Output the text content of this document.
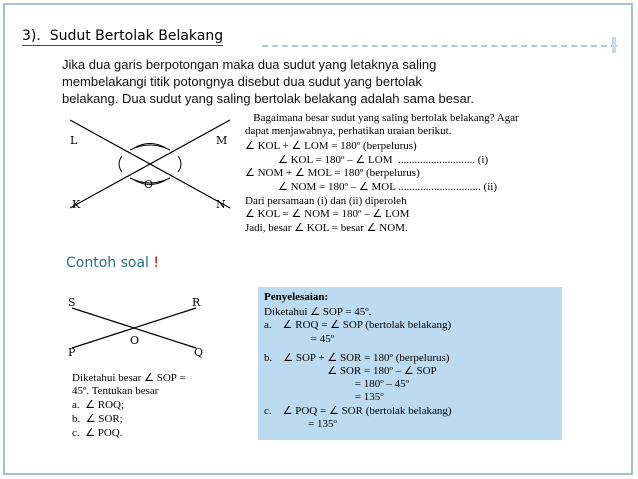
3).  Sudut Bertolak Belakang
Jika dua garis berpotongan maka dua sudut yang letaknya saling
membelakangi titik potongnya disebut dua sudut yang bertolak
belakang. Dua sudut yang saling bertolak belakang adalah sama besar.
L	M
K	N
O
Bagaimana besar sudut yang saling bertolak belakang? Agar
dapat menjawabnya, perhatikan uraian berikut.
∠ KOL + ∠ LOM = 180º (berpelurus)
∠ KOL = 180º – ∠ LOM  ............................ (i)
∠ NOM + ∠ MOL = 180º (berpelurus)
∠ NOM = 180º – ∠ MOL .............................. (ii)
Dari persamaan (i) dan (ii) diperoleh
∠ KOL = ∠ NOM = 180º – ∠ LOM
Jadi, besar ∠ KOL = besar ∠ NOM.
Contoh soal !
S	R
P	Q
O
Diketahui besar ∠ SOP =
45º. Tentukan besar
a.  ∠ ROQ;
b.  ∠ SOR;
c.  ∠ POQ.
Penyelesaian:
Diketahui ∠ SOP = 45º.
a.    ∠ ROQ = ∠ SOP (bertolak belakang)
= 45º
b.    ∠ SOP + ∠ SOR = 180º (berpelurus)
∠ SOR = 180º – ∠ SOP
= 180º – 45º
= 135º
c.    ∠ POQ = ∠ SOR (bertolak belakang)
= 135º
